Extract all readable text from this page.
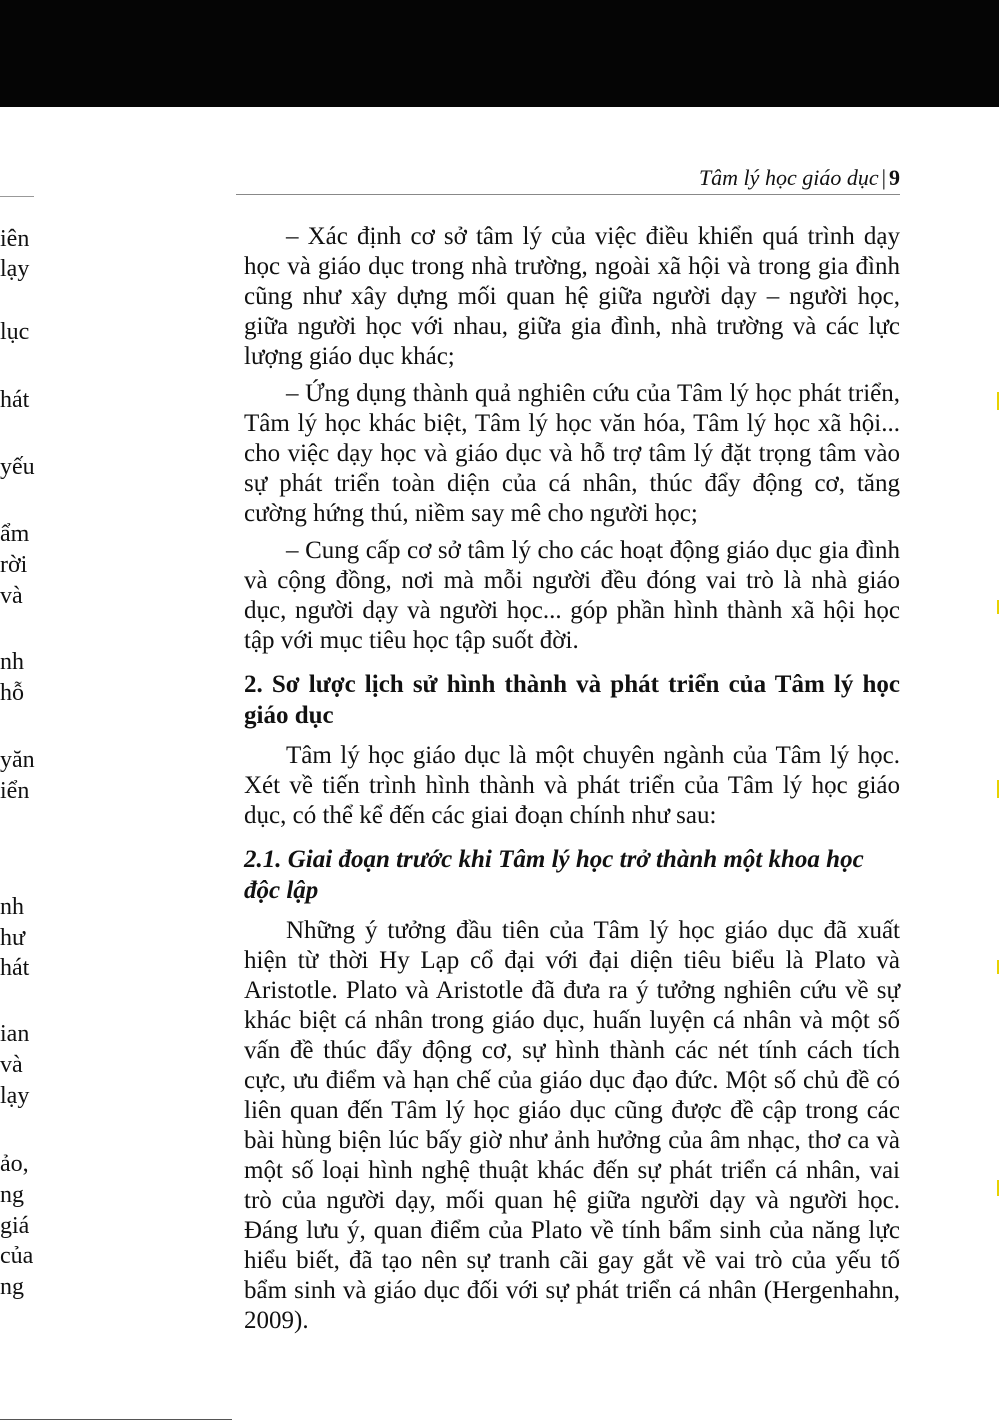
iên
lạy
lục
hát
yếu
ẩm
rời
và
nh
hỗ
yăn
iển
nh
hư
hát
ian
và
lạy
ảo,
ng
giá
của
ng
Tâm lý học giáo dục | 9

– Xác định cơ sở tâm lý của việc điều khiển quá trình dạy học và giáo dục trong nhà trường, ngoài xã hội và trong gia đình cũng như xây dựng mối quan hệ giữa người dạy – người học, giữa người học với nhau, giữa gia đình, nhà trường và các lực lượng giáo dục khác;

– Ứng dụng thành quả nghiên cứu của Tâm lý học phát triển, Tâm lý học khác biệt, Tâm lý học văn hóa, Tâm lý học xã hội... cho việc dạy học và giáo dục và hỗ trợ tâm lý đặt trọng tâm vào sự phát triển toàn diện của cá nhân, thúc đẩy động cơ, tăng cường hứng thú, niềm say mê cho người học;

– Cung cấp cơ sở tâm lý cho các hoạt động giáo dục gia đình và cộng đồng, nơi mà mỗi người đều đóng vai trò là nhà giáo dục, người dạy và người học... góp phần hình thành xã hội học tập với mục tiêu học tập suốt đời.

2. Sơ lược lịch sử hình thành và phát triển của Tâm lý học giáo dục

Tâm lý học giáo dục là một chuyên ngành của Tâm lý học. Xét về tiến trình hình thành và phát triển của Tâm lý học giáo dục, có thể kể đến các giai đoạn chính như sau:

2.1. Giai đoạn trước khi Tâm lý học trở thành một khoa học độc lập

Những ý tưởng đầu tiên của Tâm lý học giáo dục đã xuất hiện từ thời Hy Lạp cổ đại với đại diện tiêu biểu là Plato và Aristotle. Plato và Aristotle đã đưa ra ý tưởng nghiên cứu về sự khác biệt cá nhân trong giáo dục, huấn luyện cá nhân và một số vấn đề thúc đẩy động cơ, sự hình thành các nét tính cách tích cực, ưu điểm và hạn chế của giáo dục đạo đức. Một số chủ đề có liên quan đến Tâm lý học giáo dục cũng được đề cập trong các bài hùng biện lúc bấy giờ như ảnh hưởng của âm nhạc, thơ ca và một số loại hình nghệ thuật khác đến sự phát triển cá nhân, vai trò của người dạy, mối quan hệ giữa người dạy và người học. Đáng lưu ý, quan điểm của Plato về tính bẩm sinh của năng lực hiểu biết, đã tạo nên sự tranh cãi gay gắt về vai trò của yếu tố bẩm sinh và giáo dục đối với sự phát triển cá nhân (Hergenhahn, 2009).
